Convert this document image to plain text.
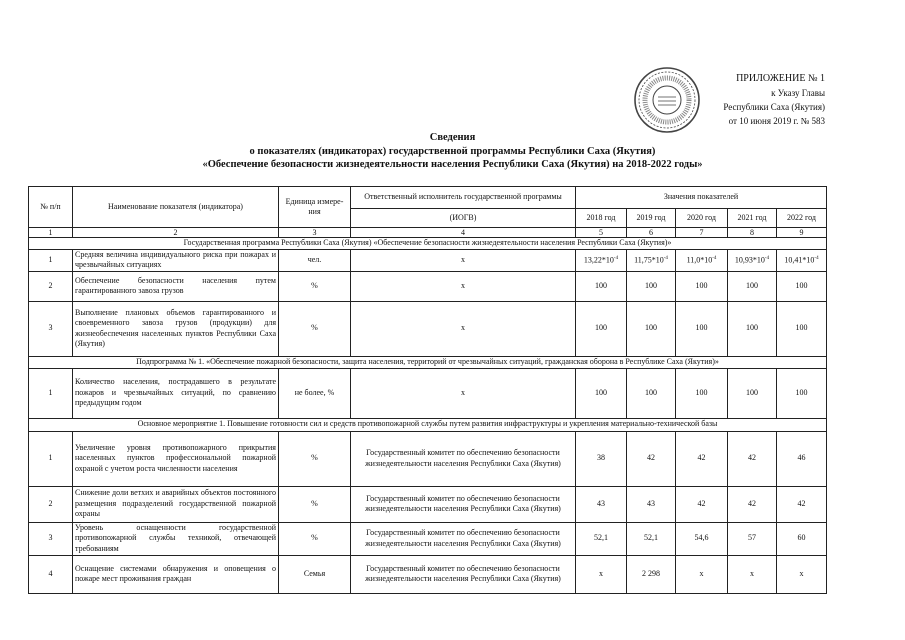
ПРИЛОЖЕНИЕ № 1
к Указу Главы
Республики Саха (Якутия)
от 10 июня 2019 г. № 583
Сведения
о показателях (индикаторах) государственной программы Республики Саха (Якутия)
«Обеспечение безопасности жизнедеятельности населения Республики Саха (Якутия) на 2018-2022 годы»
№ п/п	Наименование показателя (индикатора)	Единица измере-ния	Ответственный исполнитель государственной программы	Значения показателей				
			(ИОГВ)	2018 год	2019 год	2020 год	2021 год	2022 год
1	2	3	4	5	6	7	8	9
Государственная программа Республики Саха (Якутия) «Обеспечение безопасности жизнедеятельности населения Республики Саха (Якутия)»								
1	Средняя величина индивидуального риска при пожарах и чрезвычайных ситуациях	чел.	x	$13,22*10^{-4}$	$11,75*10^{-4}$	$11,0*10^{-4}$	$10,93*10^{-4}$	$10,41*10^{-4}$
2	Обеспечение безопасности населения путем гарантированного завоза грузов	%	x	100	100	100	100	100
3	Выполнение плановых объемов гарантированного и своевременного завоза грузов (продукции) для жизнеобеспечения населенных пунктов Республики Саха (Якутия)	%	x	100	100	100	100	100
Подпрограмма № 1. «Обеспечение пожарной безопасности, защита населения, территорий от чрезвычайных ситуаций, гражданская оборона в Республике Саха (Якутия)»								
1	Количество населения, пострадавшего в результате пожаров и чрезвычайных ситуаций, по сравнению предыдущим годом	не более, %	x	100	100	100	100	100
Основное мероприятие 1. Повышение готовности сил и средств противопожарной службы путем развития инфраструктуры и укрепления материально-технической базы								
1	Увеличение уровня противопожарного прикрытия населенных пунктов профессиональной пожарной охраной с учетом роста численности населения	%	Государственный комитет по обеспечению безопасности жизнедеятельности населения Республики Саха (Якутия)	38	42	42	42	46
2	Снижение доли ветхих и аварийных объектов постоянного размещения подразделений государственной пожарной охраны	%	Государственный комитет по обеспечению безопасности жизнедеятельности населения Республики Саха (Якутия)	43	43	42	42	42
3	Уровень оснащенности государственной противопожарной службы техникой, отвечающей требованиям	%	Государственный комитет по обеспечению безопасности жизнедеятельности населения Республики Саха (Якутия)	52,1	52,1	54,6	57	60
4	Оснащение системами обнаружения и оповещения о пожаре мест проживания граждан	Семья	Государственный комитет по обеспечению безопасности жизнедеятельности населения Республики Саха (Якутия)	x	2 298	x	x	x
